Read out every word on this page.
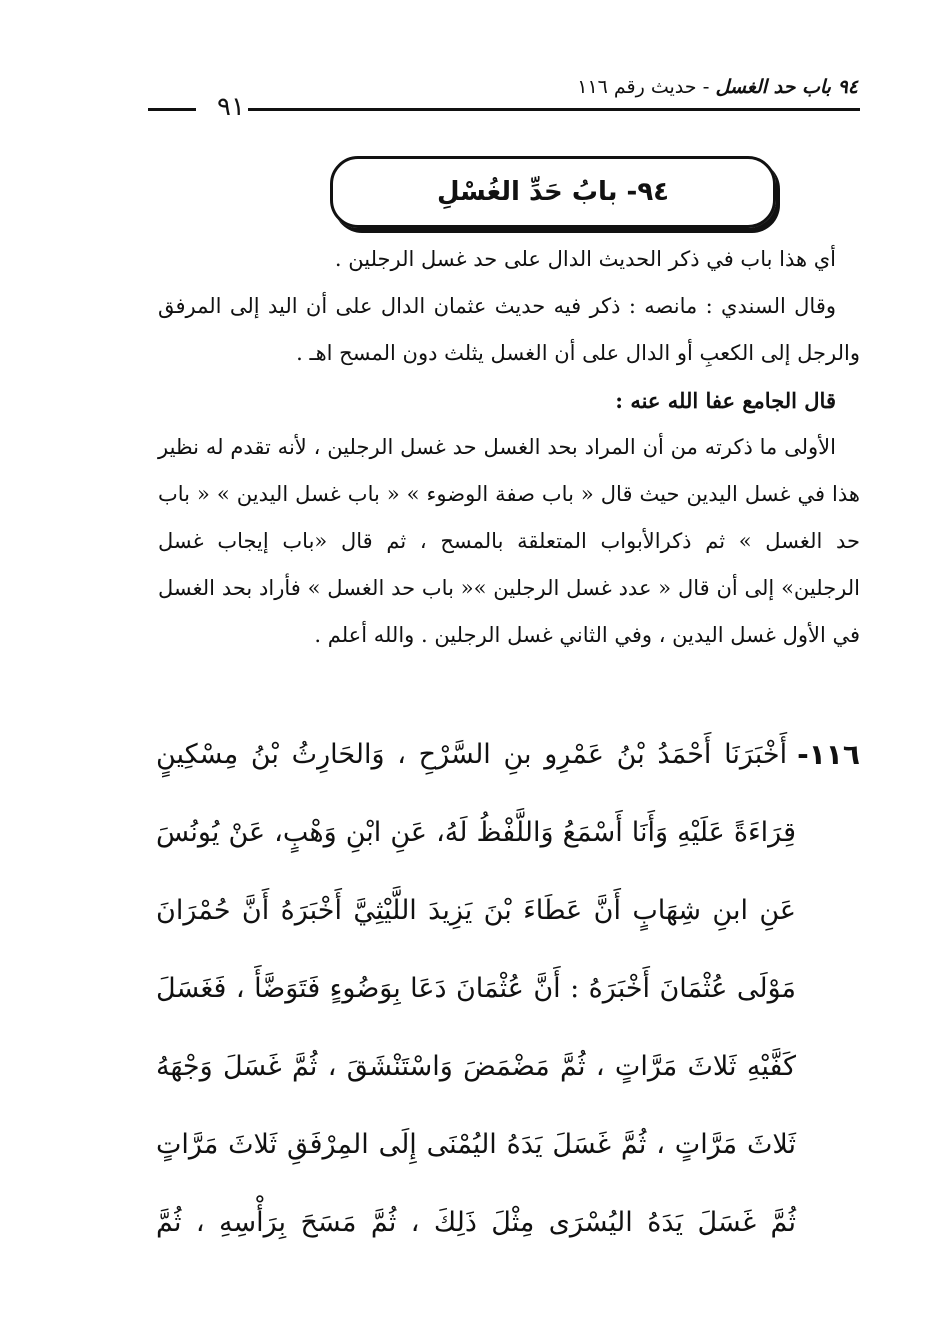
٩٤ باب حد الغسل - حديث رقم ١١٦
٩١
٩٤- بابُ حَدِّ الغُسْلِ

أي هذا باب في ذكر الحديث الدال على حد غسل الرجلين .

وقال السندي : مانصه : ذكر فيه حديث عثمان الدال على أن اليد إلى المرفق والرجل إلى الكعبِ أو الدال على أن الغسل يثلث دون المسح اهـ .

قال الجامع عفا الله عنه :

الأولى ما ذكرته من أن المراد بحد الغسل حد غسل الرجلين ، لأنه تقدم له نظير هذا في غسل اليدين حيث قال « باب صفة الوضوء » « باب غسل اليدين » « باب حد الغسل » ثم ذكرالأبواب المتعلقة بالمسح ، ثم قال «باب إيجاب غسل الرجلين» إلى أن قال « عدد غسل الرجلين »« باب حد الغسل » فأراد بحد الغسل في الأول غسل اليدين ، وفي الثاني غسل الرجلين . والله أعلم .

١١٦-
أَخْبَرَنَا أَحْمَدُ بْنُ عَمْرِو بنِ السَّرْحِ ، وَالحَارِثُ بْنُ مِسْكِينٍ
قِرَاءَةً عَلَيْهِ وَأَنَا أَسْمَعُ وَاللَّفْظُ لَهُ، عَنِ ابْنِ وَهْبٍ، عَنْ يُونُسَ
عَنِ ابنِ شِهَابٍ أَنَّ عَطَاءَ بْنَ يَزِيدَ اللَّيْثِيَّ أَخْبَرَهُ أَنَّ حُمْرَانَ
مَوْلَى عُثْمَانَ أَخْبَرَهُ : أَنَّ عُثْمَانَ دَعَا بِوَضُوءٍ فَتَوَضَّأَ ، فَغَسَلَ
كَفَّيْهِ ثَلاثَ مَرَّاتٍ ، ثُمَّ مَضْمَضَ وَاسْتَنْشَقَ ، ثُمَّ غَسَلَ وَجْهَهُ
ثَلاثَ مَرَّاتٍ ، ثُمَّ غَسَلَ يَدَهُ اليُمْنَى إِلَى المِرْفَقِ ثَلاثَ مَرَّاتٍ
ثُمَّ غَسَلَ يَدَهُ اليُسْرَى مِثْلَ ذَلِكَ ، ثُمَّ مَسَحَ بِرَأْسِهِ ، ثُمَّ
